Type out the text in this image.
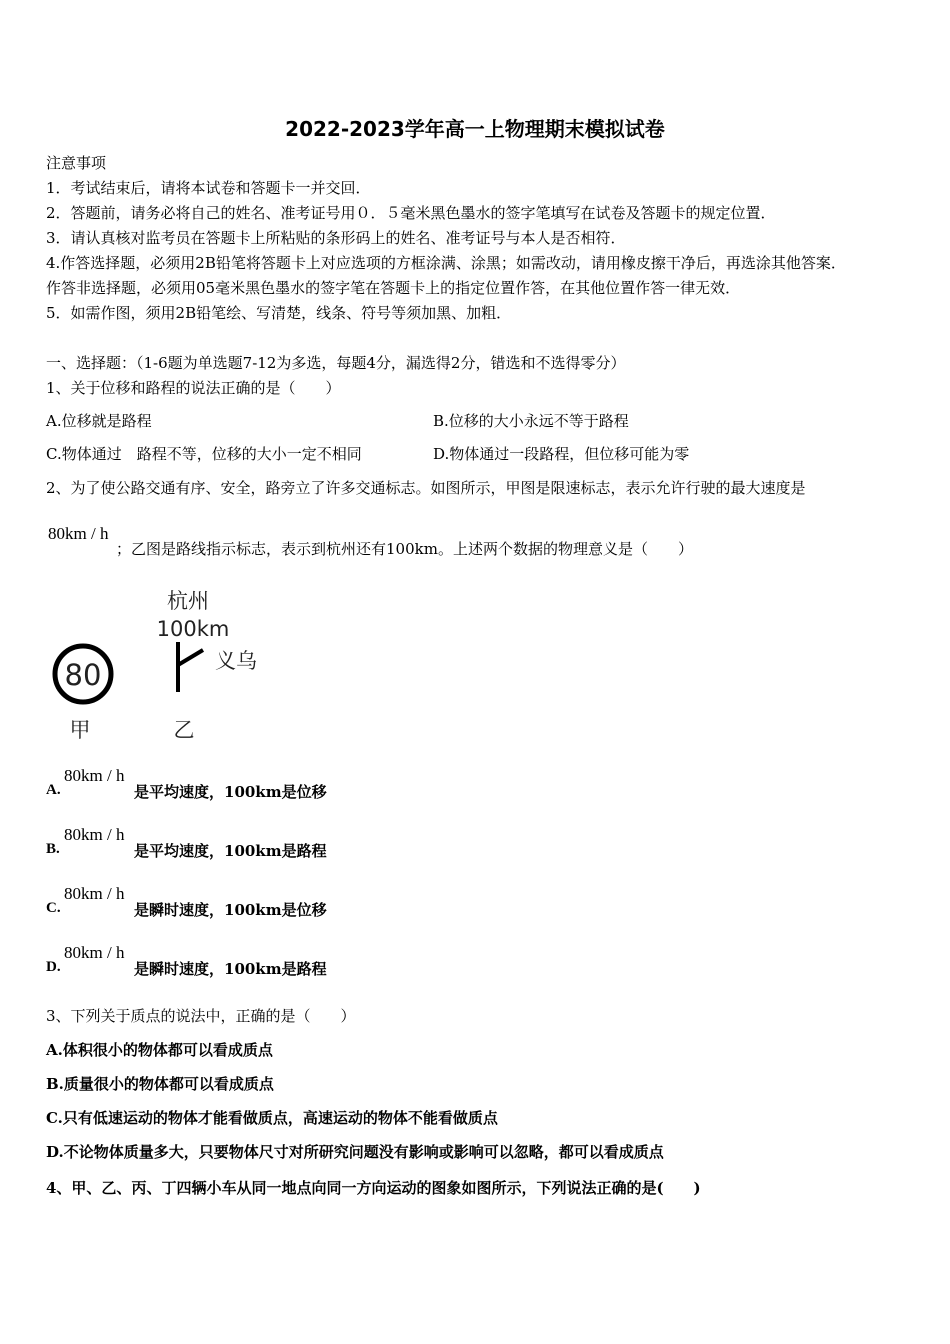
2022-2023学年高一上物理期末模拟试卷
注意事项
1．考试结束后，请将本试卷和答题卡一并交回．
2．答题前，请务必将自己的姓名、准考证号用０．５毫米黑色墨水的签字笔填写在试卷及答题卡的规定位置．
3．请认真核对监考员在答题卡上所粘贴的条形码上的姓名、准考证号与本人是否相符．
4.作答选择题，必须用2B铅笔将答题卡上对应选项的方框涂满、涂黑；如需改动，请用橡皮擦干净后，再选涂其他答案．
作答非选择题，必须用05毫米黑色墨水的签字笔在答题卡上的指定位置作答，在其他位置作答一律无效．
5．如需作图，须用2B铅笔绘、写清楚，线条、符号等须加黑、加粗．
一、选择题：（1-6题为单选题7-12为多选，每题4分，漏选得2分，错选和不选得零分）
1、关于位移和路程的说法正确的是（　　）
A.位移就是路程	B.位移的大小永远不等于路程
C.物体通过　路程不等，位移的大小一定不相同	D.物体通过一段路程，但位移可能为零
2、为了使公路交通有序、安全，路旁立了许多交通标志。如图所示，甲图是限速标志，表示允许行驶的最大速度是
80km / h
；乙图是路线指示标志，表示到杭州还有100km。上述两个数据的物理意义是（　　）
80
甲
杭州
100km
义乌
乙
A.
80km / h
是平均速度，100km是位移
B.
80km / h
是平均速度，100km是路程
C.
80km / h
是瞬时速度，100km是位移
D.
80km / h
是瞬时速度，100km是路程
3、下列关于质点的说法中，正确的是（　　）
A.体积很小的物体都可以看成质点
B.质量很小的物体都可以看成质点
C.只有低速运动的物体才能看做质点，高速运动的物体不能看做质点
D.不论物体质量多大，只要物体尺寸对所研究问题没有影响或影响可以忽略，都可以看成质点
4、甲、乙、丙、丁四辆小车从同一地点向同一方向运动的图象如图所示，下列说法正确的是(　　)
